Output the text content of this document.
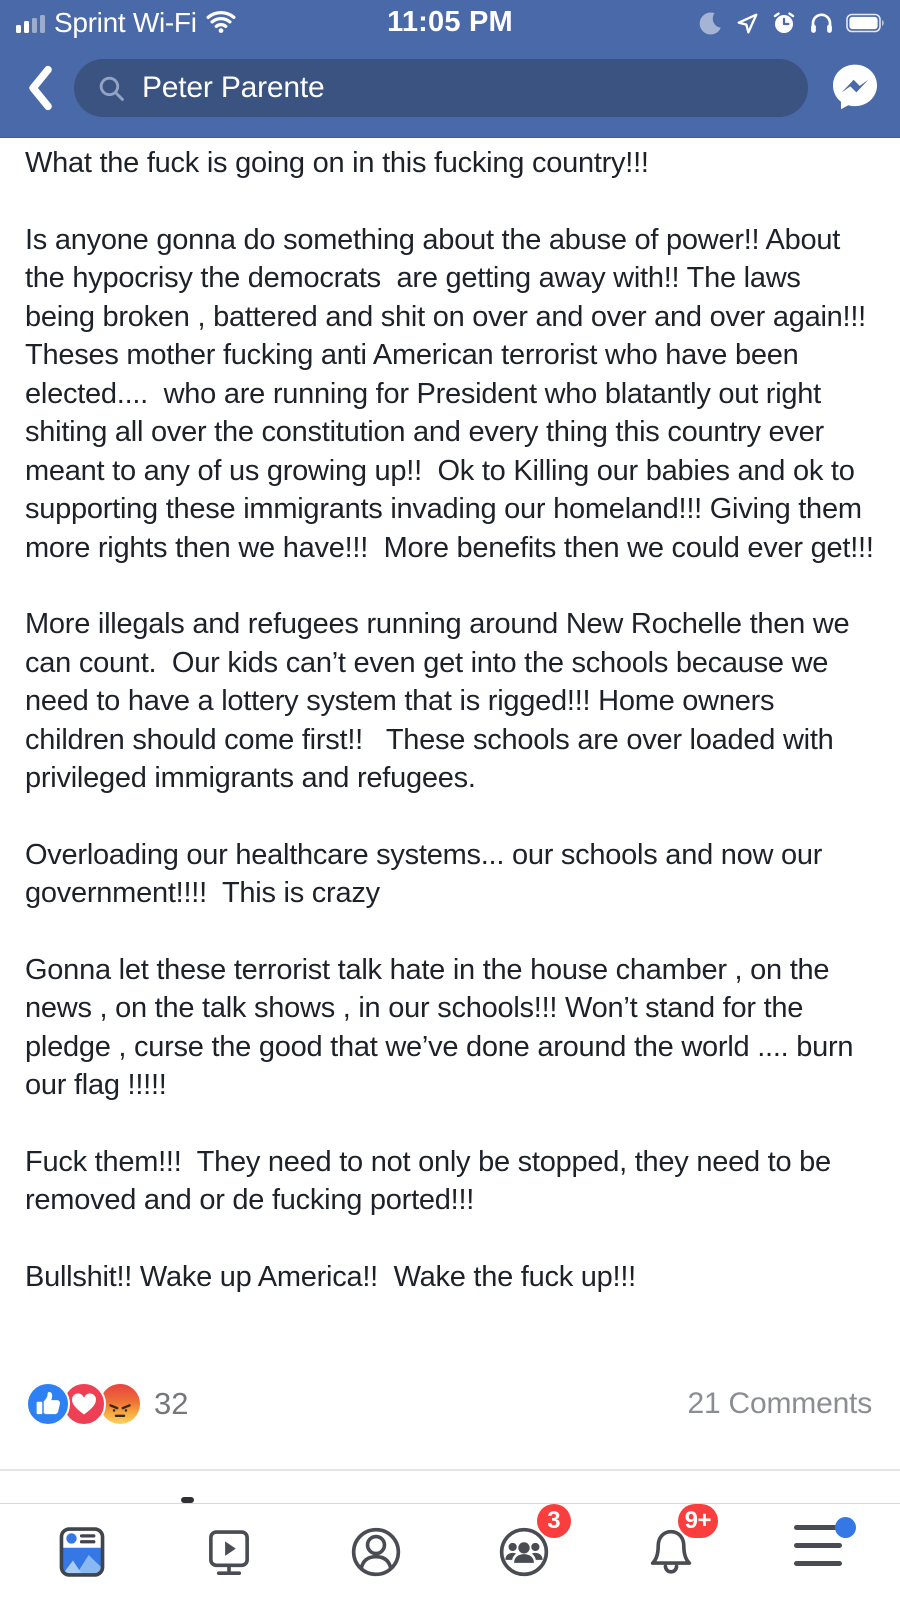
Sprint Wi-Fi	11:05 PM
Peter Parente

What the fuck is going on in this fucking country!!!

Is anyone gonna do something about the abuse of power!! About the hypocrisy the democrats  are getting away with!! The laws being broken , battered and shit on over and over and over again!!!  Theses mother fucking anti American terrorist who have been elected....  who are running for President who blatantly out right shiting all over the constitution and every thing this country ever meant to any of us growing up!!  Ok to Killing our babies and ok to supporting these immigrants invading our homeland!!! Giving them more rights then we have!!!  More benefits then we could ever get!!!

More illegals and refugees running around New Rochelle then we can count.  Our kids can’t even get into the schools because we need to have a lottery system that is rigged!!! Home owners children should come first!!   These schools are over loaded with privileged immigrants and refugees.

Overloading our healthcare systems... our schools and now our government!!!!  This is crazy

Gonna let these terrorist talk hate in the house chamber , on the news , on the talk shows , in our schools!!! Won’t stand for the pledge , curse the good that we’ve done around the world .... burn our flag !!!!!

Fuck them!!!  They need to not only be stopped, they need to be removed and or de fucking ported!!!

Bullshit!! Wake up America!!  Wake the fuck up!!!

32	21 Comments
3	9+
